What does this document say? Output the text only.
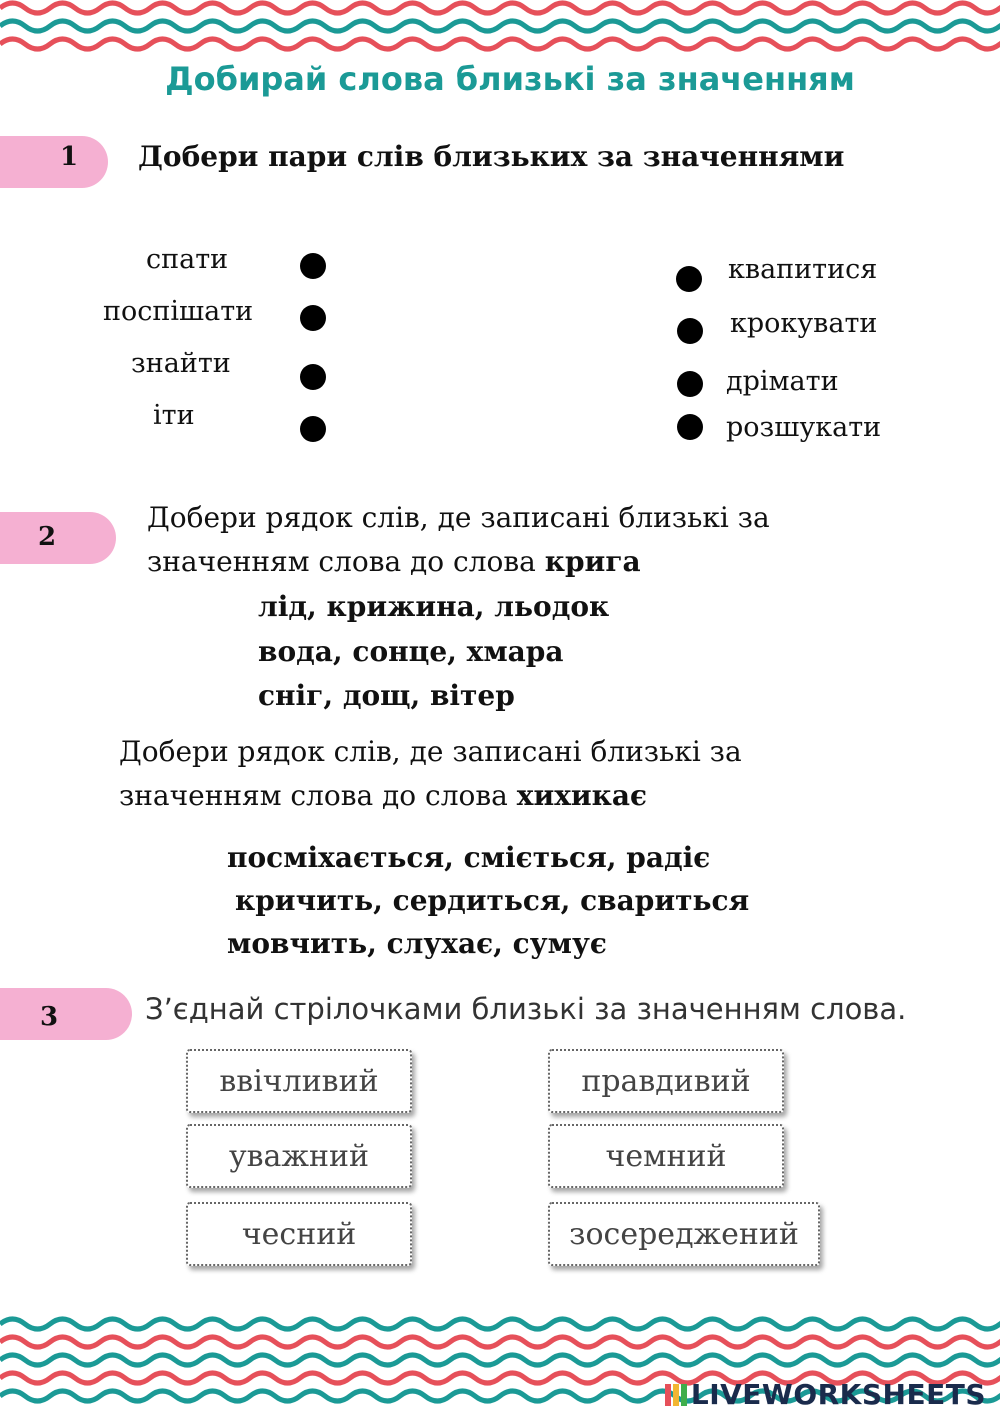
Добирай слова близькі за значенням
1 Добери пари слів близьких за значеннями
спати
поспішати
знайти
іти
квапитися
крокувати
дрімати
розшукати
2
Добери рядок слів, де записані близькі за
значенням слова до слова крига
лід, крижина, льодок
вода, сонце, хмара
сніг, дощ, вітер
Добери рядок слів, де записані близькі за
значенням слова до слова хихикає
посміхається, сміється, радіє
кричить, сердиться, свариться
мовчить, слухає, сумує
3	З’єднай стрілочками близькі за значенням слова.
ввічливий
уважний
чесний
правдивий
чемний
зосереджений
LIVEWORKSHEETS
